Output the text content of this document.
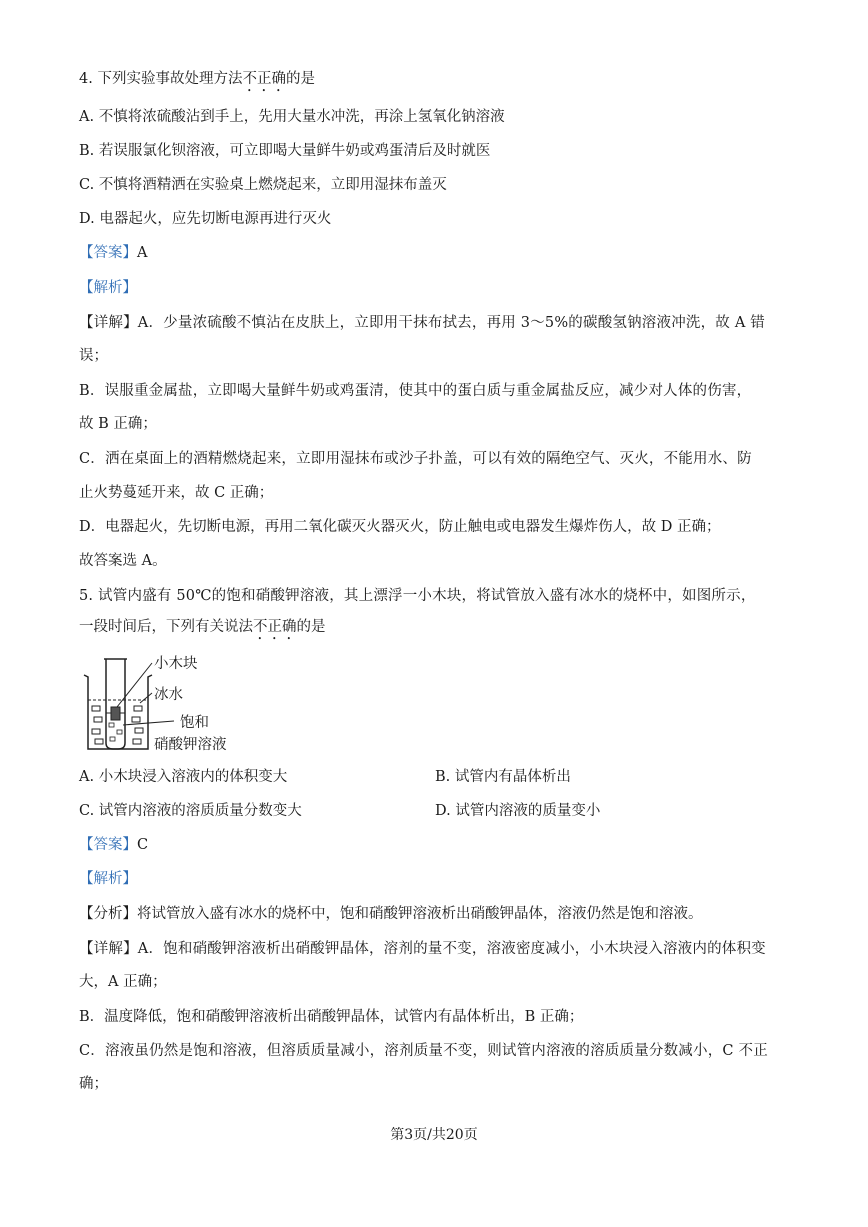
4. 下列实验事故处理方法不正确的是
A. 不慎将浓硫酸沾到手上，先用大量水冲洗，再涂上氢氧化钠溶液
B. 若误服氯化钡溶液，可立即喝大量鲜牛奶或鸡蛋清后及时就医
C. 不慎将酒精洒在实验桌上燃烧起来，立即用湿抹布盖灭
D. 电器起火，应先切断电源再进行灭火
【答案】A
【解析】
【详解】A．少量浓硫酸不慎沾在皮肤上，立即用干抹布拭去，再用 3～5%的碳酸氢钠溶液冲洗，故 A 错
误；
B．误服重金属盐，立即喝大量鲜牛奶或鸡蛋清，使其中的蛋白质与重金属盐反应，减少对人体的伤害，
故 B 正确；
C．洒在桌面上的酒精燃烧起来，立即用湿抹布或沙子扑盖，可以有效的隔绝空气、灭火，不能用水、防
止火势蔓延开来，故 C 正确；
D．电器起火，先切断电源，再用二氧化碳灭火器灭火，防止触电或电器发生爆炸伤人，故 D 正确；
故答案选 A。
5. 试管内盛有 50℃的饱和硝酸钾溶液，其上漂浮一小木块，将试管放入盛有冰水的烧杯中，如图所示，
一段时间后，下列有关说法不正确的是
小木块
冰水
饱和
硝酸钾溶液
A. 小木块浸入溶液内的体积变大	B. 试管内有晶体析出
C. 试管内溶液的溶质质量分数变大	D. 试管内溶液的质量变小
【答案】C
【解析】
【分析】将试管放入盛有冰水的烧杯中，饱和硝酸钾溶液析出硝酸钾晶体，溶液仍然是饱和溶液。
【详解】A．饱和硝酸钾溶液析出硝酸钾晶体，溶剂的量不变，溶液密度减小，小木块浸入溶液内的体积变
大，A 正确；
B．温度降低，饱和硝酸钾溶液析出硝酸钾晶体，试管内有晶体析出，B 正确；
C．溶液虽仍然是饱和溶液，但溶质质量减小，溶剂质量不变，则试管内溶液的溶质质量分数减小，C 不正
确；
第3页/共20页
